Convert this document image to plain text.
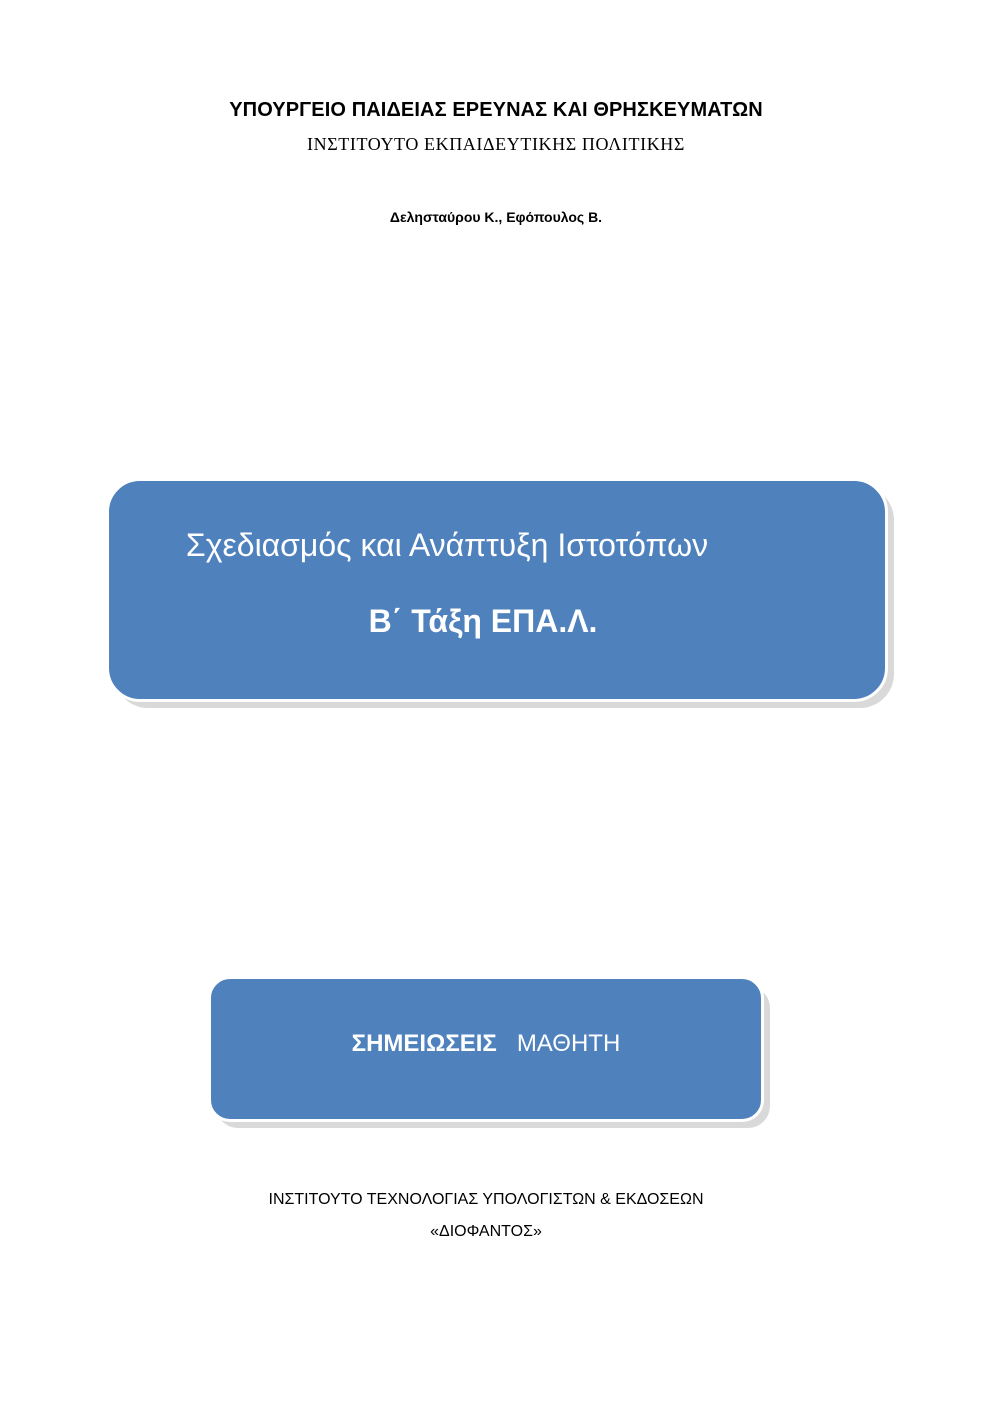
ΥΠΟΥΡΓΕΙΟ ΠΑΙΔΕΙΑΣ ΕΡΕΥΝΑΣ ΚΑΙ ΘΡΗΣΚΕΥΜΑΤΩΝ
ΙΝΣΤΙΤΟΥΤΟ ΕΚΠΑΙΔΕΥΤΙΚΗΣ ΠΟΛΙΤΙΚΗΣ
Δελησταύρου Κ., Εφόπουλος Β.
Σχεδιασμός και Ανάπτυξη Ιστοτόπων
Β΄ Τάξη ΕΠΑ.Λ.
ΣΗΜΕΙΩΣΕΙΣ ΜΑΘΗΤΗ
ΙΝΣΤΙΤΟΥΤΟ ΤΕΧΝΟΛΟΓΙΑΣ ΥΠΟΛΟΓΙΣΤΩΝ & ΕΚΔΟΣΕΩΝ
«ΔΙΟΦΑΝΤΟΣ»
